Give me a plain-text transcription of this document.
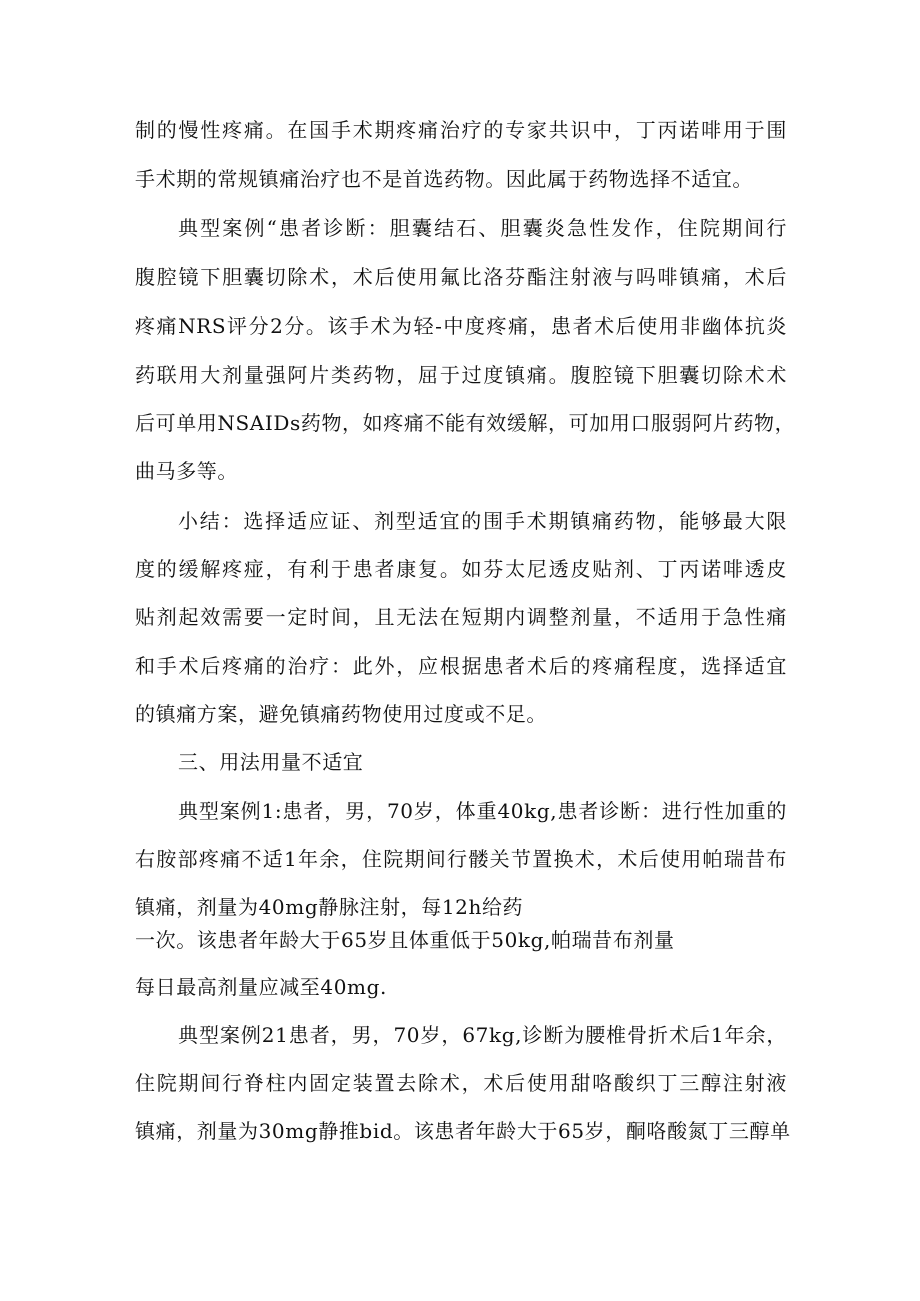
制的慢性疼痛。在国手术期疼痛治疗的专家共识中，丁丙诺啡用于围
手术期的常规镇痛治疗也不是首选药物。因此属于药物选择不适宜。
典型案例“患者诊断：胆囊结石、胆囊炎急性发作，住院期间行
腹腔镜下胆囊切除术，术后使用氟比洛芬酯注射液与吗啡镇痛，术后
疼痛NRS评分2分。该手术为轻-中度疼痛，患者术后使用非幽体抗炎
药联用大剂量强阿片类药物，屈于过度镇痛。腹腔镜下胆囊切除术术
后可单用NSAIDs药物，如疼痛不能有效缓解，可加用口服弱阿片药物，
曲马多等。
小结：选择适应证、剂型适宜的围手术期镇痛药物，能够最大限
度的缓解疼痖，有利于患者康复。如芬太尼透皮贴剂、丁丙诺啡透皮
贴剂起效需要一定时间，且无法在短期内调整剂量，不适用于急性痛
和手术后疼痛的治疗：此外，应根据患者术后的疼痛程度，选择适宜
的镇痛方案，避免镇痛药物使用过度或不足。
三、用法用量不适宜
典型案例1:患者，男，70岁，体重40kg,患者诊断：进行性加重的
右胺部疼痛不适1年余，住院期间行髅关节置换术，术后使用帕瑞昔布
镇痛，剂量为40mg静脉注射，每12h给药
一次。该患者年龄大于65岁且体重低于50kg,帕瑞昔布剂量
每日最高剂量应减至40mg.
典型案例21患者，男，70岁，67kg,诊断为腰椎骨折术后1年余，
住院期间行脊柱内固定装置去除术，术后使用甜咯酸织丁三醇注射液
镇痛，剂量为30mg静推bid。该患者年龄大于65岁，酮咯酸氮丁三醇单
